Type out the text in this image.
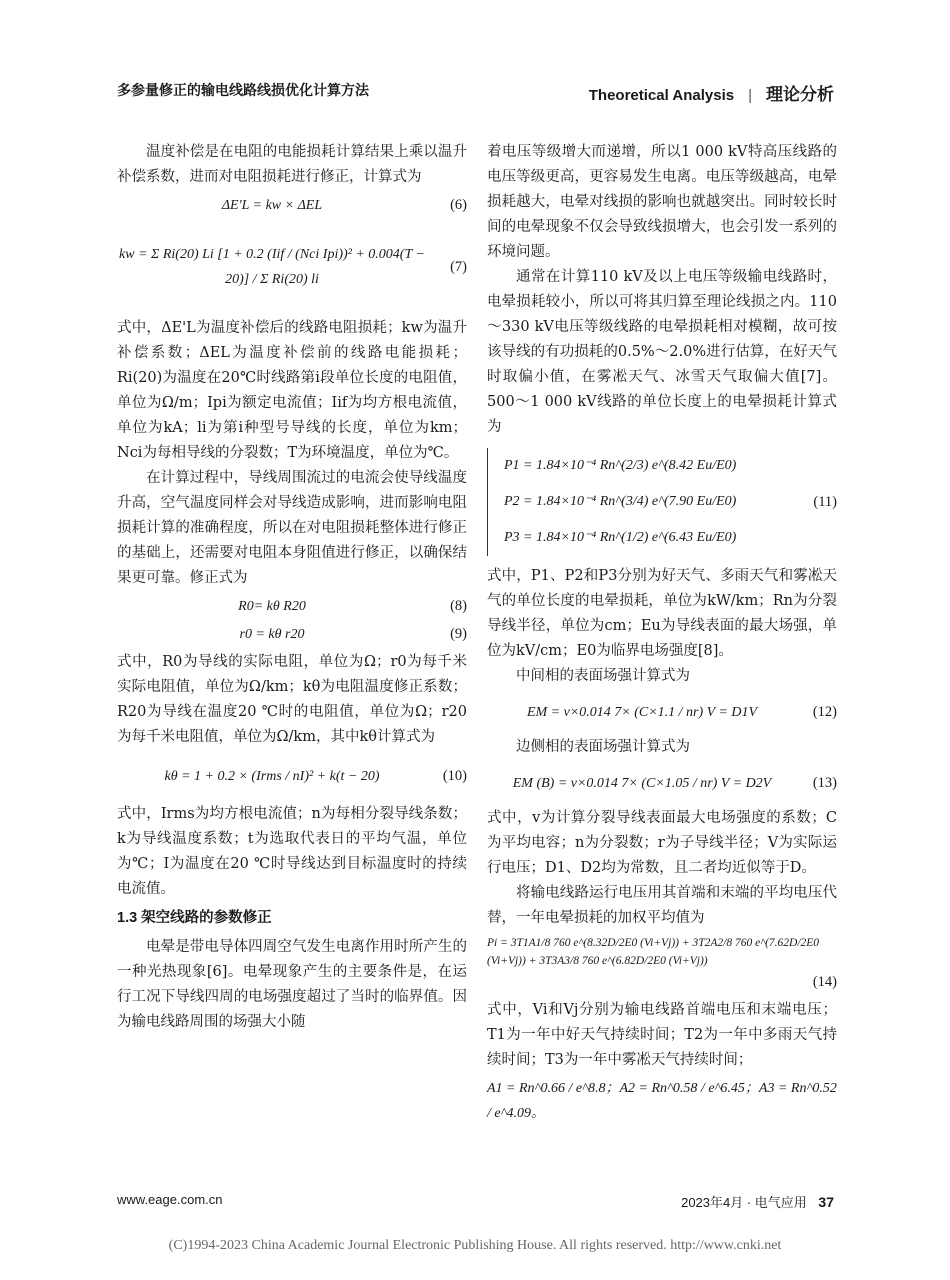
多参量修正的输电线路线损优化计算方法	Theoretical Analysis | 理论分析

温度补偿是在电阻的电能损耗计算结果上乘以温升补偿系数，进而对电阻损耗进行修正，计算式为

ΔE'L = kw × ΔEL	(6)
kw = Σ Ri(20) Li [1 + 0.2 (Iif / (Nci Ipi))² + 0.004(T − 20)] / Σ Ri(20) li
(7)

式中，ΔE'L为温度补偿后的线路电阻损耗；kw为温升补偿系数；ΔEL为温度补偿前的线路电能损耗；Ri(20)为温度在20℃时线路第i段单位长度的电阻值，单位为Ω/m；Ipi为额定电流值；Iif为均方根电流值，单位为kA；li为第i种型号导线的长度，单位为km；Nci为每相导线的分裂数；T为环境温度，单位为℃。

在计算过程中，导线周围流过的电流会使导线温度升高，空气温度同样会对导线造成影响，进而影响电阻损耗计算的准确程度，所以在对电阻损耗整体进行修正的基础上，还需要对电阻本身阻值进行修正，以确保结果更可靠。修正式为

R0= kθ R20	(8)
r0 = kθ r20	(9)

式中，R0为导线的实际电阻，单位为Ω；r0为每千米实际电阻值，单位为Ω/km；kθ为电阻温度修正系数；R20为导线在温度20 ℃时的电阻值，单位为Ω；r20为每千米电阻值，单位为Ω/km，其中kθ计算式为

kθ = 1 + 0.2 × (Irms / nI)² + k(t − 20)	(10)

式中，Irms为均方根电流值；n为每相分裂导线条数；k为导线温度系数；t为选取代表日的平均气温，单位为℃；I为温度在20 ℃时导线达到目标温度时的持续电流值。

1.3 架空线路的参数修正

电晕是带电导体四周空气发生电离作用时所产生的一种光热现象[6]。电晕现象产生的主要条件是，在运行工况下导线四周的电场强度超过了当时的临界值。因为输电线路周围的场强大小随

着电压等级增大而递增，所以1 000 kV特高压线路的电压等级更高，更容易发生电离。电压等级越高，电晕损耗越大，电晕对线损的影响也就越突出。同时较长时间的电晕现象不仅会导致线损增大，也会引发一系列的环境问题。

通常在计算110 kV及以上电压等级输电线路时，电晕损耗较小，所以可将其归算至理论线损之内。110～330 kV电压等级线路的电晕损耗相对模糊，故可按该导线的有功损耗的0.5%～2.0%进行估算，在好天气时取偏小值，在雾凇天气、冰雪天气取偏大值[7]。500～1 000 kV线路的单位长度上的电晕损耗计算式为

P1 = 1.84×10⁻⁴ Rn^(2/3) e^(8.42 Eu/E0)
P2 = 1.84×10⁻⁴ Rn^(3/4) e^(7.90 Eu/E0)
P3 = 1.84×10⁻⁴ Rn^(1/2) e^(6.43 Eu/E0)
(11)

式中，P1、P2和P3分别为好天气、多雨天气和雾凇天气的单位长度的电晕损耗，单位为kW/km；Rn为分裂导线半径，单位为cm；Eu为导线表面的最大场强，单位为kV/cm；E0为临界电场强度[8]。

中间相的表面场强计算式为

EM = v×0.014 7× (C×1.1 / nr) V = D1V	(12)

边侧相的表面场强计算式为

EM (B) = v×0.014 7× (C×1.05 / nr) V = D2V	(13)

式中，v为计算分裂导线表面最大电场强度的系数；C为平均电容；n为分裂数；r为子导线半径；V为实际运行电压；D1、D2均为常数，且二者均近似等于D。

将输电线路运行电压用其首端和末端的平均电压代替，一年电晕损耗的加权平均值为

Pi = 3T1A1/8 760 e^(8.32D/2E0 (Vi+Vj)) + 3T2A2/8 760 e^(7.62D/2E0 (Vi+Vj)) + 3T3A3/8 760 e^(6.82D/2E0 (Vi+Vj))
(14)

式中，Vi和Vj分别为输电线路首端电压和末端电压；T1为一年中好天气持续时间；T2为一年中多雨天气持续时间；T3为一年中雾凇天气持续时间；

A1 = Rn^0.66 / e^8.8；A2 = Rn^0.58 / e^6.45；A3 = Rn^0.52 / e^4.09。
www.eage.com.cn	2023年4月 · 电气应用 37
(C)1994-2023 China Academic Journal Electronic Publishing House. All rights reserved. http://www.cnki.net
